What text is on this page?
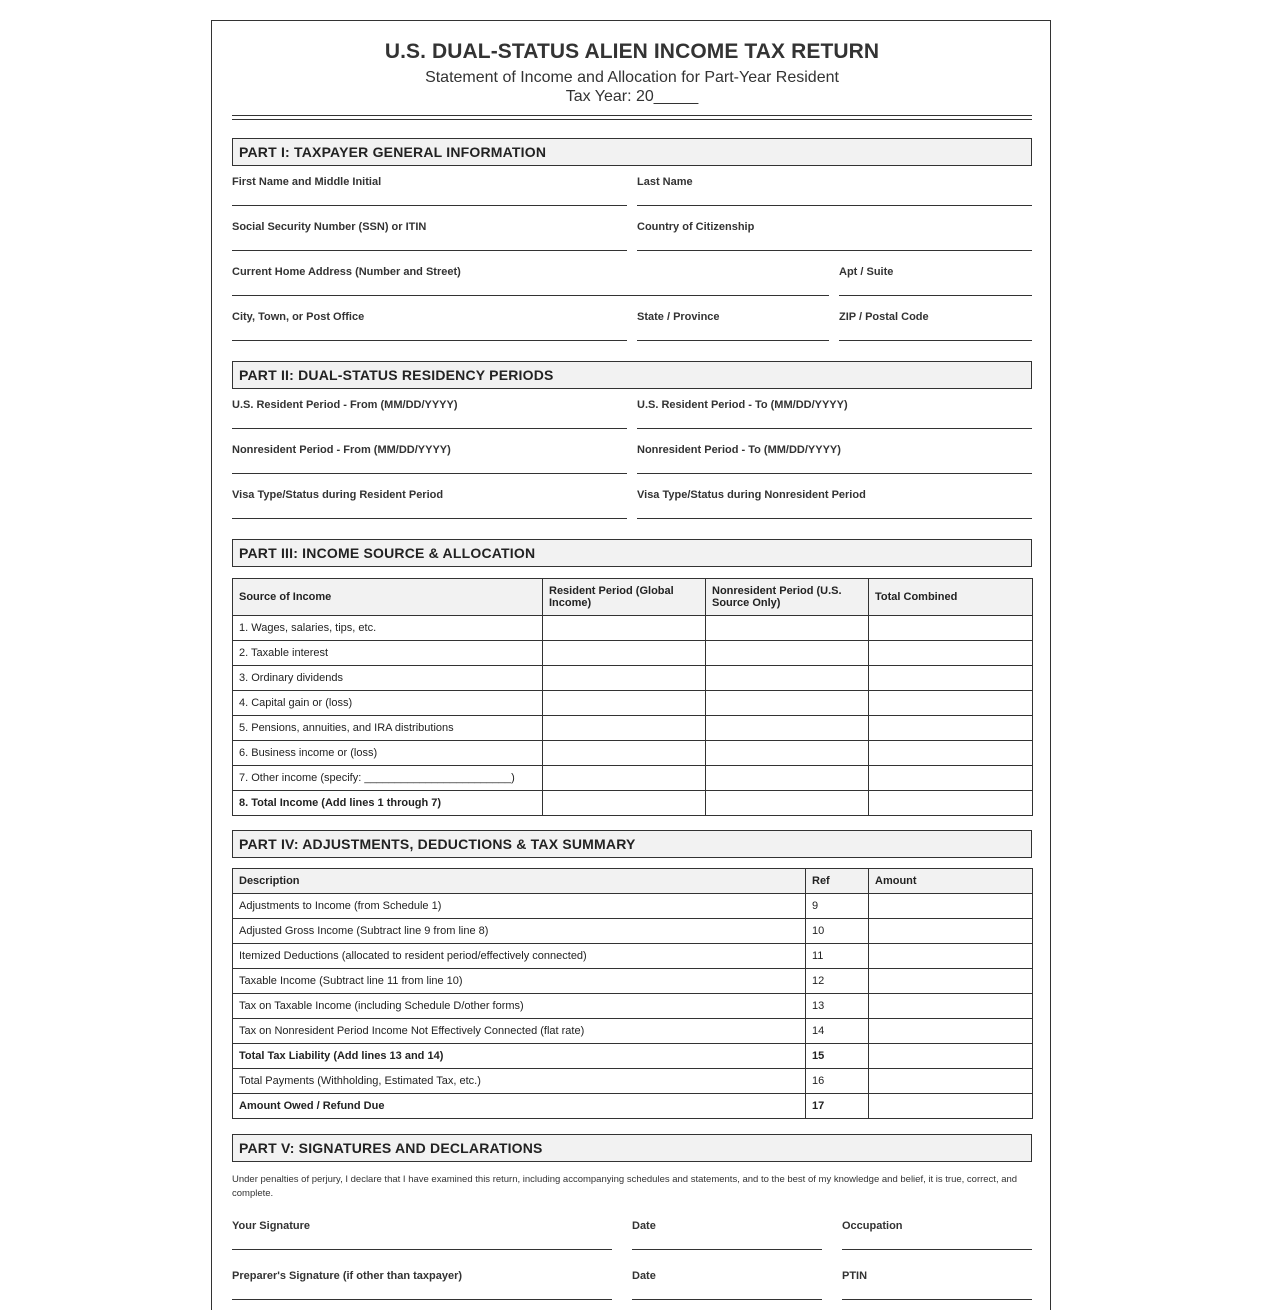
U.S. DUAL-STATUS ALIEN INCOME TAX RETURN
Statement of Income and Allocation for Part-Year Resident
Tax Year: 20_____
PART I: TAXPAYER GENERAL INFORMATION
First Name and Middle Initial	Last Name
Social Security Number (SSN) or ITIN	Country of Citizenship
Current Home Address (Number and Street)	Apt / Suite
City, Town, or Post Office	State / Province	ZIP / Postal Code
PART II: DUAL-STATUS RESIDENCY PERIODS
U.S. Resident Period - From (MM/DD/YYYY)	U.S. Resident Period - To (MM/DD/YYYY)
Nonresident Period - From (MM/DD/YYYY)	Nonresident Period - To (MM/DD/YYYY)
Visa Type/Status during Resident Period	Visa Type/Status during Nonresident Period
PART III: INCOME SOURCE & ALLOCATION
Source of Income	Resident Period (Global Income)	Nonresident Period (U.S. Source Only)	Total Combined
1. Wages, salaries, tips, etc.			
2. Taxable interest			
3. Ordinary dividends			
4. Capital gain or (loss)			
5. Pensions, annuities, and IRA distributions			
6. Business income or (loss)			
7. Other income (specify: ________________________)			
8. Total Income (Add lines 1 through 7)			
PART IV: ADJUSTMENTS, DEDUCTIONS & TAX SUMMARY
Description	Ref	Amount
Adjustments to Income (from Schedule 1)	9	
Adjusted Gross Income (Subtract line 9 from line 8)	10	
Itemized Deductions (allocated to resident period/effectively connected)	11	
Taxable Income (Subtract line 11 from line 10)	12	
Tax on Taxable Income (including Schedule D/other forms)	13	
Tax on Nonresident Period Income Not Effectively Connected (flat rate)	14	
Total Tax Liability (Add lines 13 and 14)	15	
Total Payments (Withholding, Estimated Tax, etc.)	16	
Amount Owed / Refund Due	17	
PART V: SIGNATURES AND DECLARATIONS
Under penalties of perjury, I declare that I have examined this return, including accompanying schedules and statements, and to the best of my knowledge and belief, it is true, correct, and complete.
Your Signature	Date	Occupation
Preparer's Signature (if other than taxpayer)	Date	PTIN
